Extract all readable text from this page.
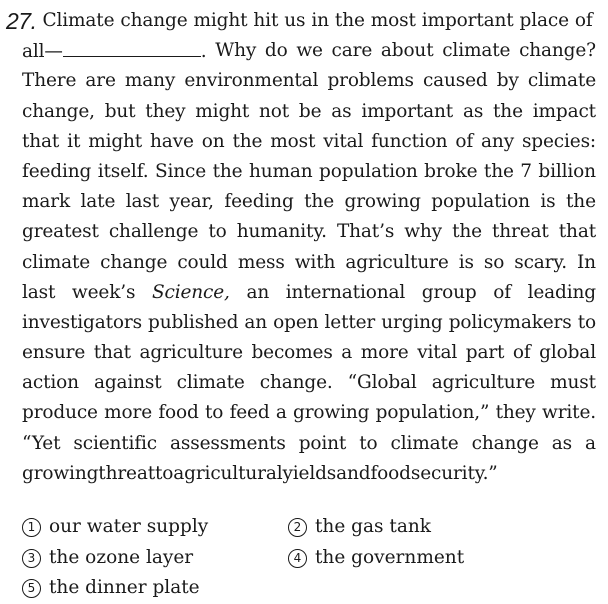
27. Climate change might hit us in the most important place of
all—	. Why do we care about climate change?
There are many environmental problems caused by climate
change, but they might not be as important as the impact
that it might have on the most vital function of any species:
feeding itself. Since the human population broke the 7 billion
mark late last year, feeding the growing population is the
greatest challenge to humanity. That’s why the threat that
climate change could mess with agriculture is so scary. In
last week’s Science, an international group of leading
investigators published an open letter urging policymakers to
ensure that agriculture becomes a more vital part of global
action against climate change. “Global agriculture must
produce more food to feed a growing population,” they write.
“Yet scientific assessments point to climate change as a
growing threat to agricultural yields and food security.”
1 our water supply	2 the gas tank
3 the ozone layer	4 the government
5 the dinner plate
